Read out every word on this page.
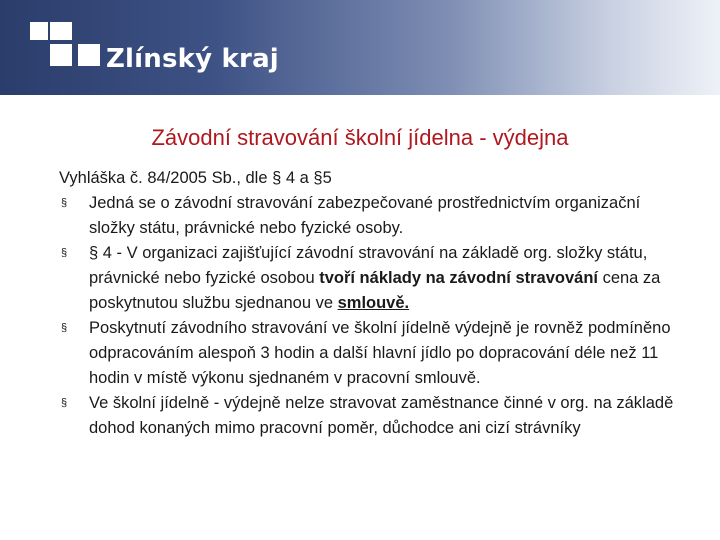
Zlínský kraj
Závodní stravování školní jídelna - výdejna

Vyhláška č. 84/2005 Sb., dle § 4 a §5

§ Jedná se o závodní stravování zabezpečované prostřednictvím organizační složky státu, právnické nebo fyzické osoby.
§ § 4 - V organizaci zajišťující závodní stravování na základě org. složky státu, právnické nebo fyzické osobou tvoří náklady na závodní stravování cena za poskytnutou službu sjednanou ve smlouvě.
§ Poskytnutí závodního stravování ve školní jídelně výdejně je rovněž podmíněno odpracováním alespoň 3 hodin a další hlavní jídlo po dopracování déle než 11 hodin v místě výkonu sjednaném v pracovní smlouvě.
§ Ve školní jídelně - výdejně nelze stravovat zaměstnance činné v org. na základě dohod konaných mimo pracovní poměr, důchodce ani cizí strávníky
